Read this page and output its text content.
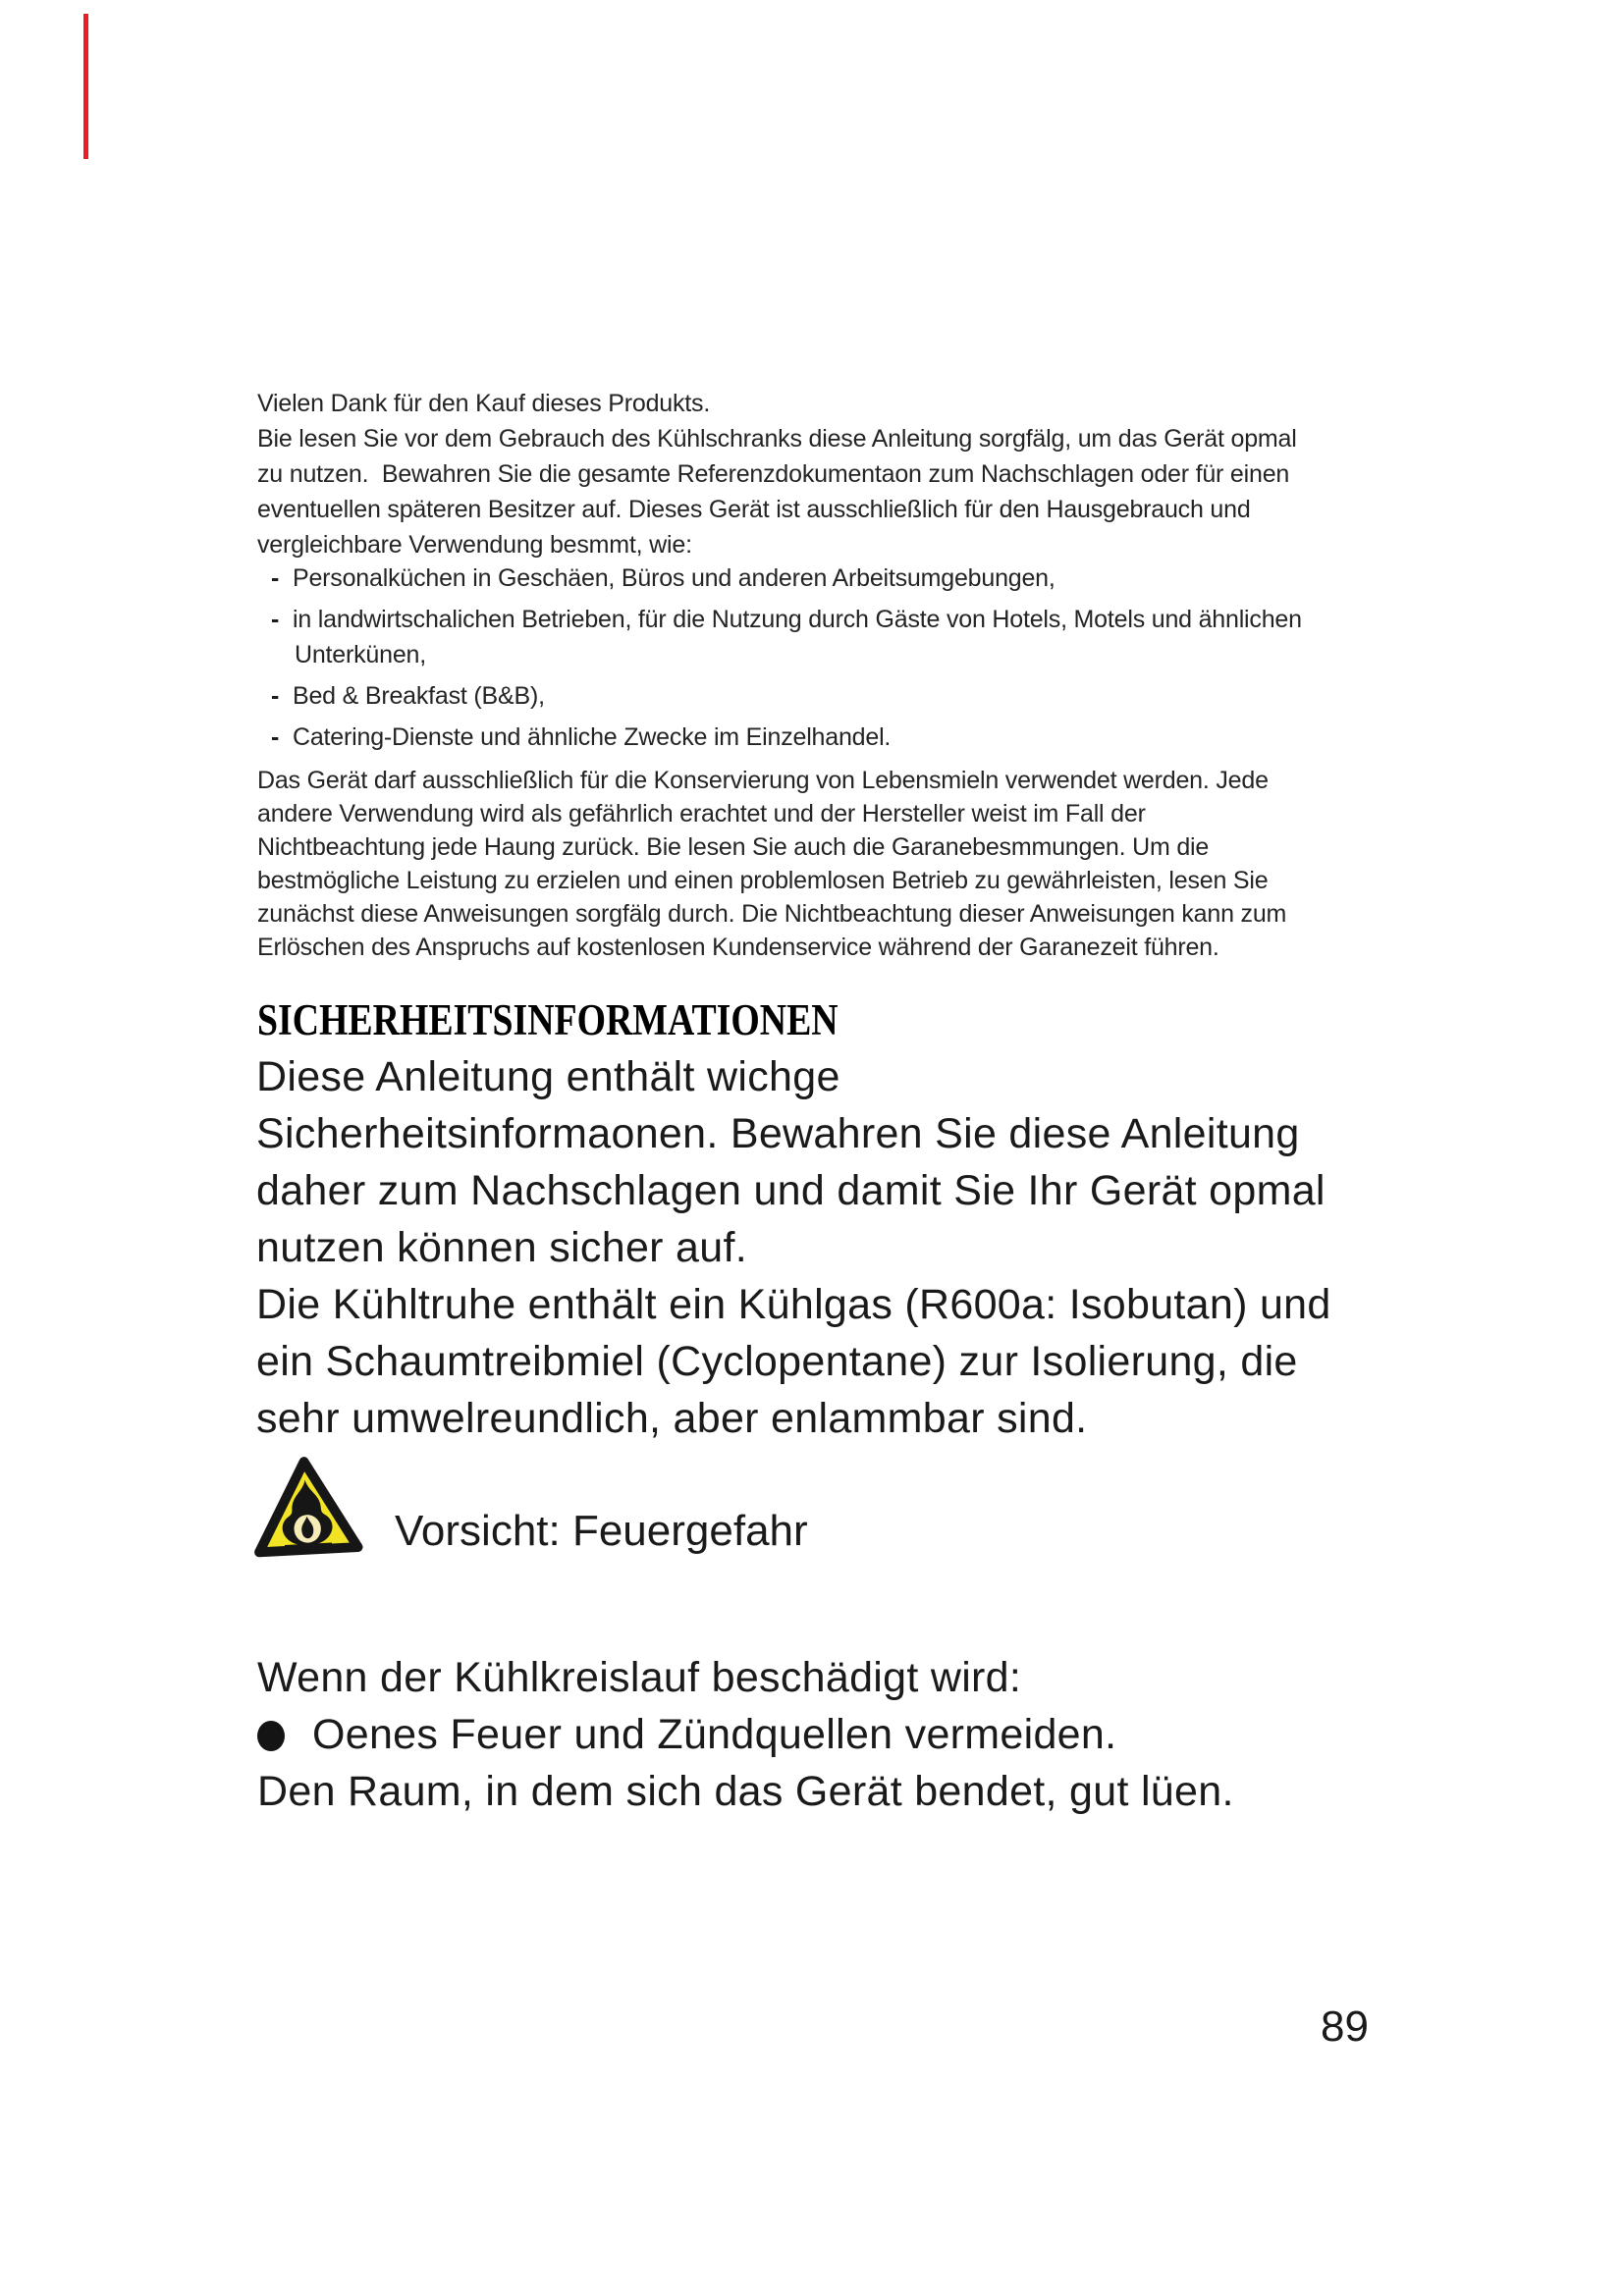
Vielen Dank für den Kauf dieses Produkts.
Bie lesen Sie vor dem Gebrauch des Kühlschranks diese Anleitung sorgfälg, um das Gerät opmal
zu nutzen.  Bewahren Sie die gesamte Referenzdokumentaon zum Nachschlagen oder für einen
eventuellen späteren Besitzer auf. Dieses Gerät ist ausschließlich für den Hausgebrauch und
vergleichbare Verwendung besmmt, wie:
- Personalküchen in Geschäen, Büros und anderen Arbeitsumgebungen,
- in landwirtschalichen Betrieben, für die Nutzung durch Gäste von Hotels, Motels und ähnlichen
Unterkünen,
- Bed & Breakfast (B&B),
- Catering-Dienste und ähnliche Zwecke im Einzelhandel.
Das Gerät darf ausschließlich für die Konservierung von Lebensmieln verwendet werden. Jede
andere Verwendung wird als gefährlich erachtet und der Hersteller weist im Fall der
Nichtbeachtung jede Haung zurück. Bie lesen Sie auch die Garanebesmmungen. Um die
bestmögliche Leistung zu erzielen und einen problemlosen Betrieb zu gewährleisten, lesen Sie
zunächst diese Anweisungen sorgfälg durch. Die Nichtbeachtung dieser Anweisungen kann zum
Erlöschen des Anspruchs auf kostenlosen Kundenservice während der Garanezeit führen.
SICHERHEITSINFORMATIONEN
Diese Anleitung enthält wichge
Sicherheitsinformaonen. Bewahren Sie diese Anleitung
daher zum Nachschlagen und damit Sie Ihr Gerät opmal
nutzen können sicher auf.
Die Kühltruhe enthält ein Kühlgas (R600a: Isobutan) und
ein Schaumtreibmiel (Cyclopentane) zur Isolierung, die
sehr umwelreundlich, aber enlammbar sind.
Vorsicht: Feuergefahr
Wenn der Kühlkreislauf beschädigt wird:
Oenes Feuer und Zündquellen vermeiden.
Den Raum, in dem sich das Gerät bendet, gut lüen.
89
